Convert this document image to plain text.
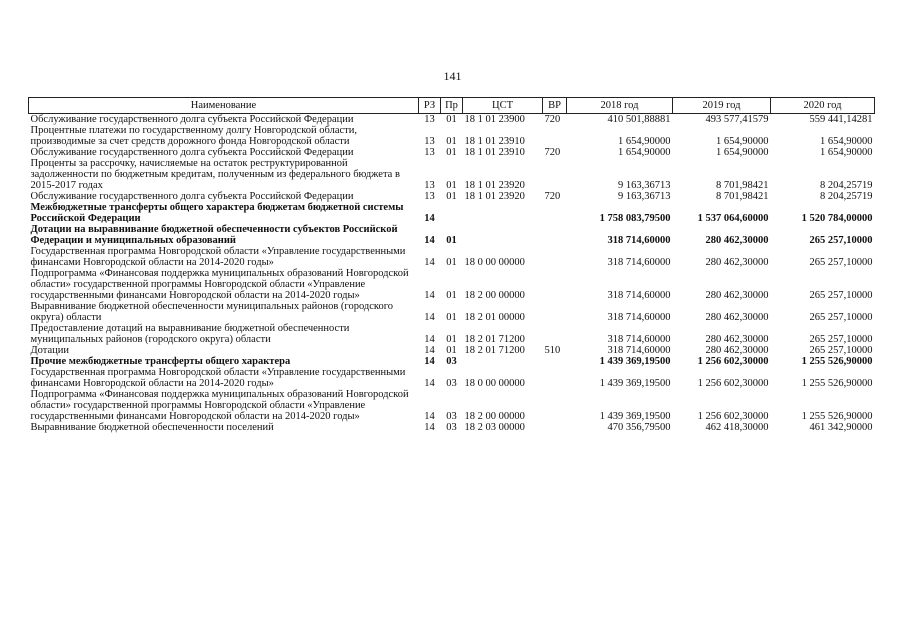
141
Наименование	РЗ	Пр	ЦСТ	ВР	2018 год	2019 год	2020 год
Обслуживание государственного долга субъекта Российской Федерации	13	01	18 1 01 23900	720	410 501,88881	493 577,41579	559 441,14281
Процентные платежи по государственному долгу Новгородской области, производимые за счет средств дорожного фонда Новгородской области	13	01	18 1 01 23910		1 654,90000	1 654,90000	1 654,90000
Обслуживание государственного долга субъекта Российской Федерации	13	01	18 1 01 23910	720	1 654,90000	1 654,90000	1 654,90000
Проценты за рассрочку, начисляемые на остаток реструктурированной задолженности по бюджетным кредитам, полученным из федерального бюджета в 2015-2017 годах	13	01	18 1 01 23920		9 163,36713	8 701,98421	8 204,25719
Обслуживание государственного долга субъекта Российской Федерации	13	01	18 1 01 23920	720	9 163,36713	8 701,98421	8 204,25719
Межбюджетные трансферты общего характера бюджетам бюджетной системы Российской Федерации	14				1 758 083,79500	1 537 064,60000	1 520 784,00000
Дотации на выравнивание бюджетной обеспеченности субъектов Российской Федерации и муниципальных образований	14	01			318 714,60000	280 462,30000	265 257,10000
Государственная программа Новгородской области «Управление государственными финансами Новгородской области на 2014-2020 годы»	14	01	18 0 00 00000		318 714,60000	280 462,30000	265 257,10000
Подпрограмма «Финансовая поддержка муниципальных образований Новгородской области» государственной программы Новгородской области «Управление государственными финансами Новгородской области на 2014-2020 годы»	14	01	18 2 00 00000		318 714,60000	280 462,30000	265 257,10000
Выравнивание бюджетной обеспеченности муниципальных районов (городского округа) области	14	01	18 2 01 00000		318 714,60000	280 462,30000	265 257,10000
Предоставление дотаций на выравнивание бюджетной обеспеченности муниципальных районов (городского округа) области	14	01	18 2 01 71200		318 714,60000	280 462,30000	265 257,10000
Дотации	14	01	18 2 01 71200	510	318 714,60000	280 462,30000	265 257,10000
Прочие межбюджетные трансферты общего характера	14	03			1 439 369,19500	1 256 602,30000	1 255 526,90000
Государственная программа Новгородской области «Управление государственными финансами Новгородской области на 2014-2020 годы»	14	03	18 0 00 00000		1 439 369,19500	1 256 602,30000	1 255 526,90000
Подпрограмма «Финансовая поддержка муниципальных образований Новгородской области» государственной программы Новгородской области «Управление государственными финансами Новгородской области на 2014-2020 годы»	14	03	18 2 00 00000		1 439 369,19500	1 256 602,30000	1 255 526,90000
Выравнивание бюджетной обеспеченности поселений	14	03	18 2 03 00000		470 356,79500	462 418,30000	461 342,90000
